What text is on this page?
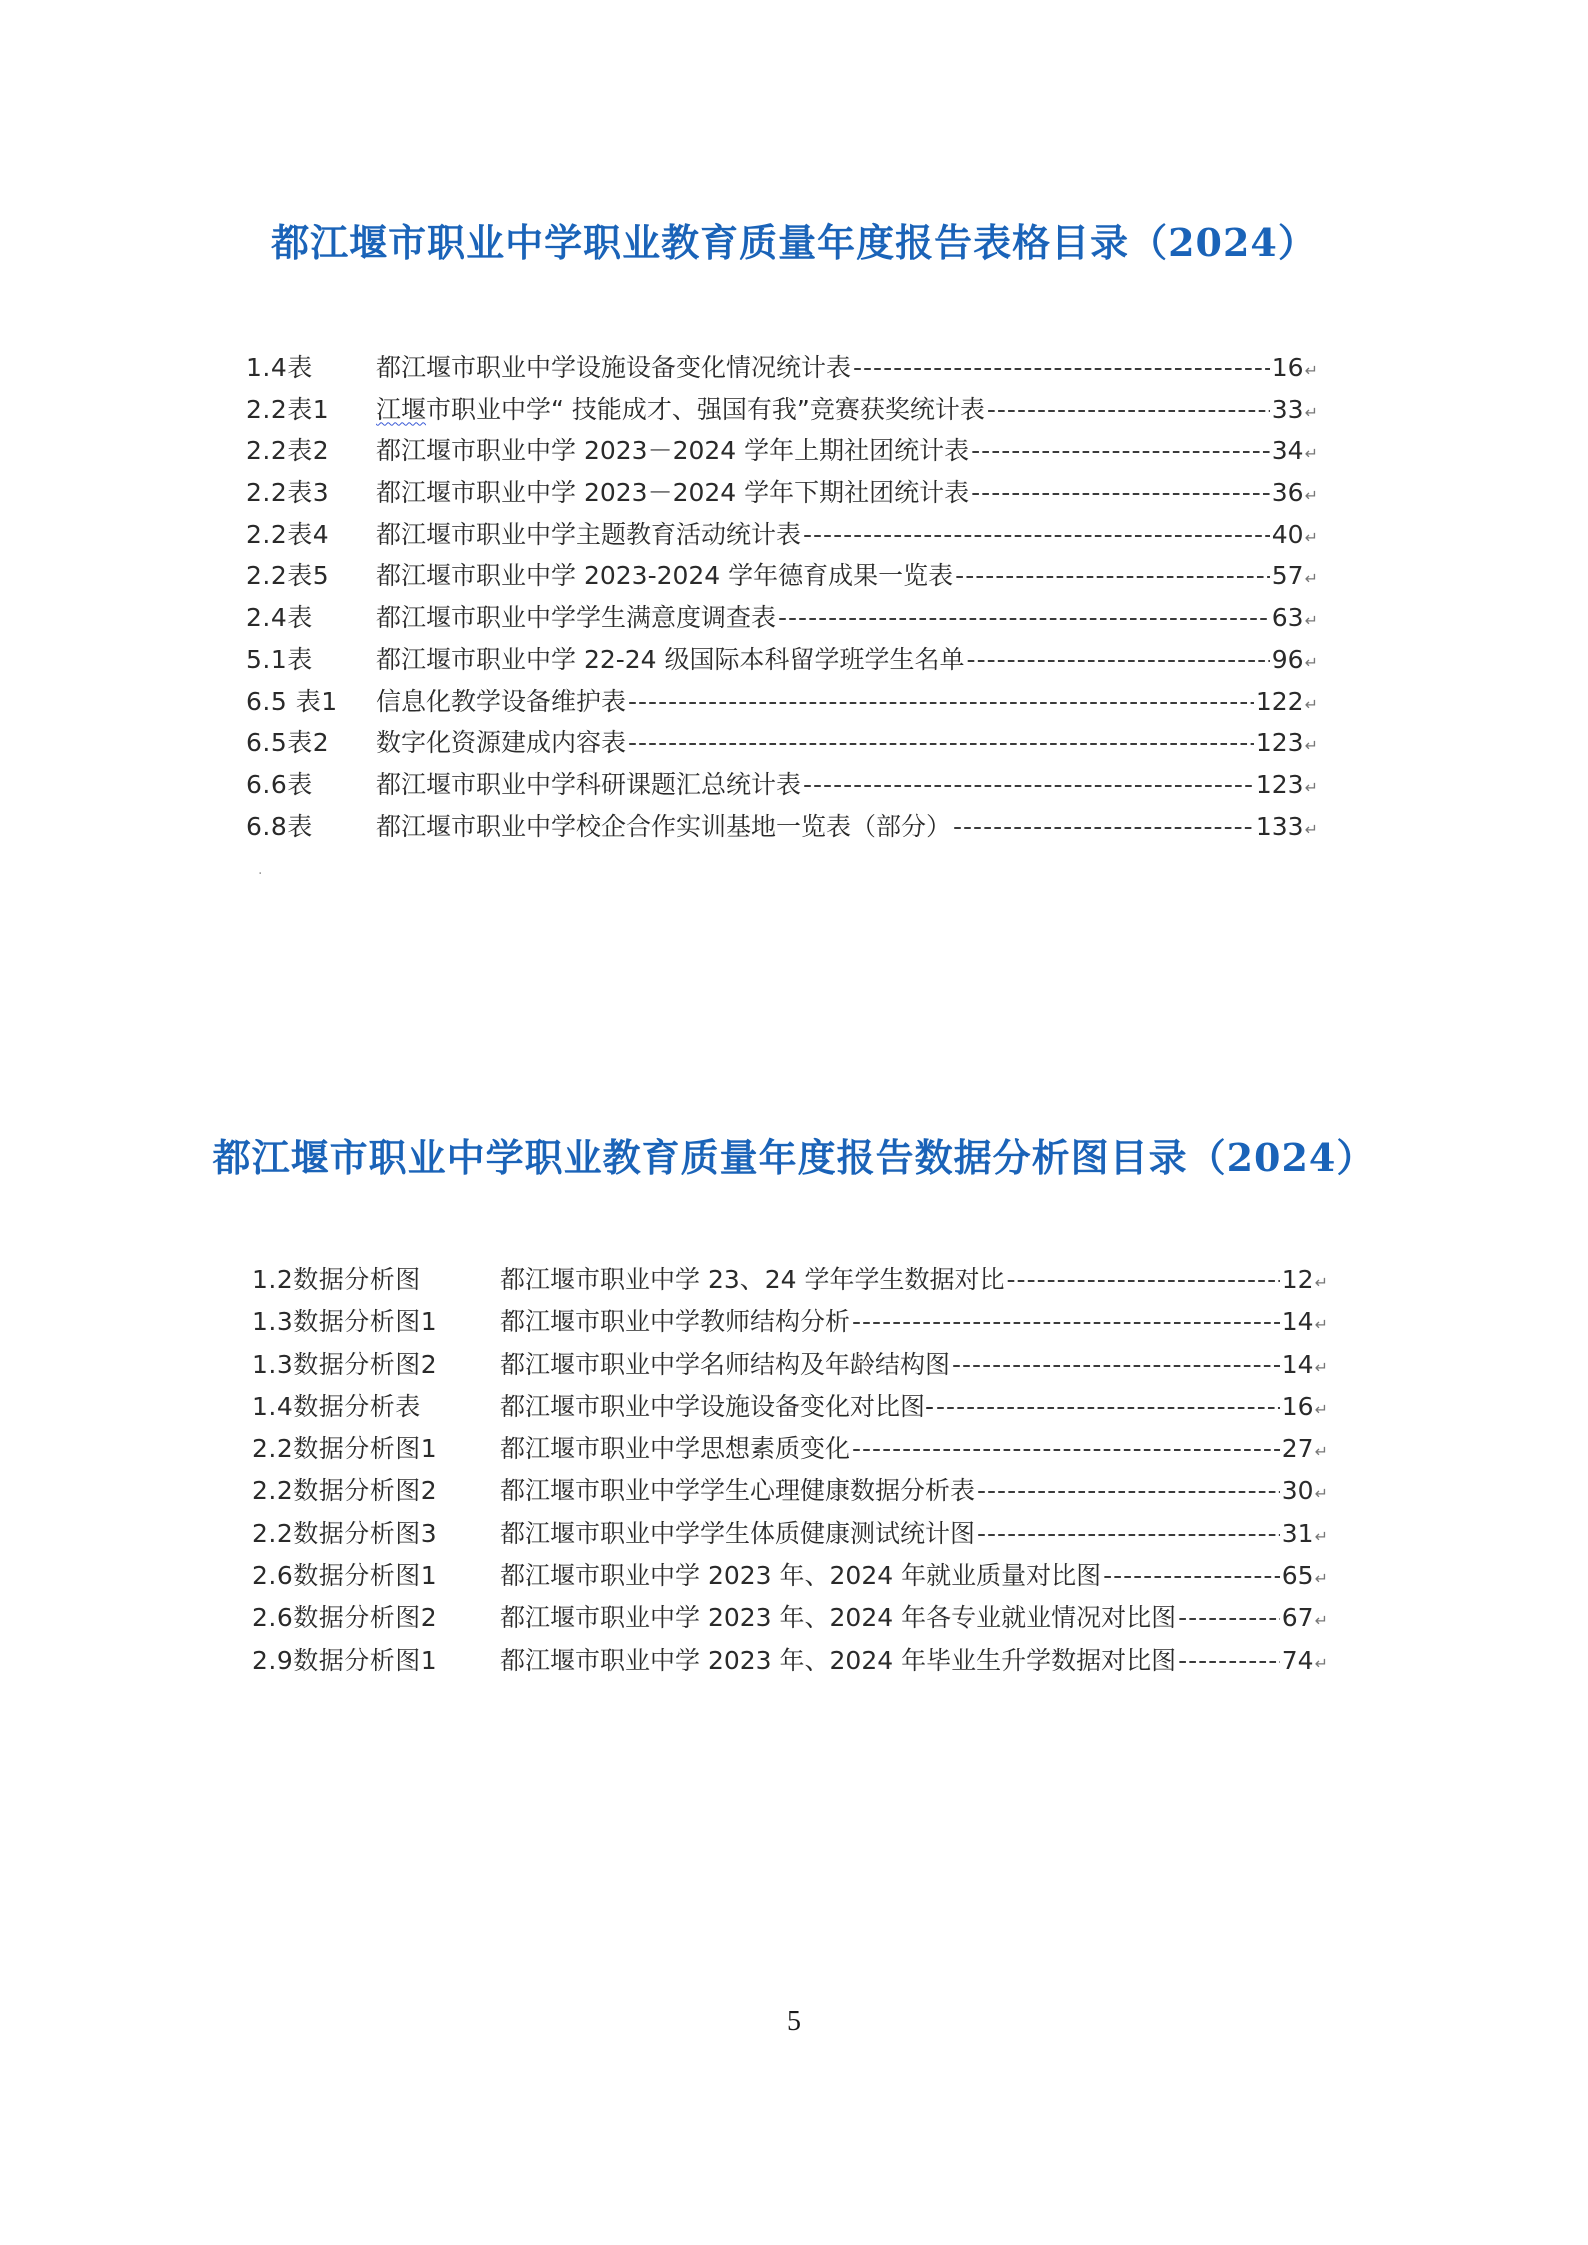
都江堰市职业中学职业教育质量年度报告表格目录（2024）
1.4表	都江堰市职业中学设施设备变化情况统计表 -----	16 ↵
2.2表1	江堰市职业中学“ 技能成才、强国有我”竞赛获奖统计表 -----	33 ↵
2.2表2	都江堰市职业中学 2023－2024 学年上期社团统计表 -----	34 ↵
2.2表3	都江堰市职业中学 2023－2024 学年下期社团统计表 -----	36 ↵
2.2表4	都江堰市职业中学主题教育活动统计表 -----	40 ↵
2.2表5	都江堰市职业中学 2023-2024 学年德育成果一览表 -----	57 ↵
2.4表	都江堰市职业中学学生满意度调查表 -----	63 ↵
5.1表	都江堰市职业中学 22-24 级国际本科留学班学生名单 -----	96 ↵
6.5 表1	信息化教学设备维护表 -----	122 ↵
6.5表2	数字化资源建成内容表 -----	123 ↵
6.6表	都江堰市职业中学科研课题汇总统计表 -----	123 ↵
6.8表	都江堰市职业中学校企合作实训基地一览表（部分） -----	133 ↵
·
都江堰市职业中学职业教育质量年度报告数据分析图目录（2024）
1.2数据分析图	都江堰市职业中学 23、24 学年学生数据对比 -----	12 ↵
1.3数据分析图1	都江堰市职业中学教师结构分析 -----	14 ↵
1.3数据分析图2	都江堰市职业中学名师结构及年龄结构图 -----	14 ↵
1.4数据分析表	都江堰市职业中学设施设备变化对比图- -----	16 ↵
2.2数据分析图1	都江堰市职业中学思想素质变化 -----	27 ↵
2.2数据分析图2	都江堰市职业中学学生心理健康数据分析表 -----	30 ↵
2.2数据分析图3	都江堰市职业中学学生体质健康测试统计图 -----	31 ↵
2.6数据分析图1	都江堰市职业中学 2023 年、2024 年就业质量对比图 -----	65 ↵
2.6数据分析图2	都江堰市职业中学 2023 年、2024 年各专业就业情况对比图 -----	67 ↵
2.9数据分析图1	都江堰市职业中学 2023 年、2024 年毕业生升学数据对比图 -----	74 ↵
5
